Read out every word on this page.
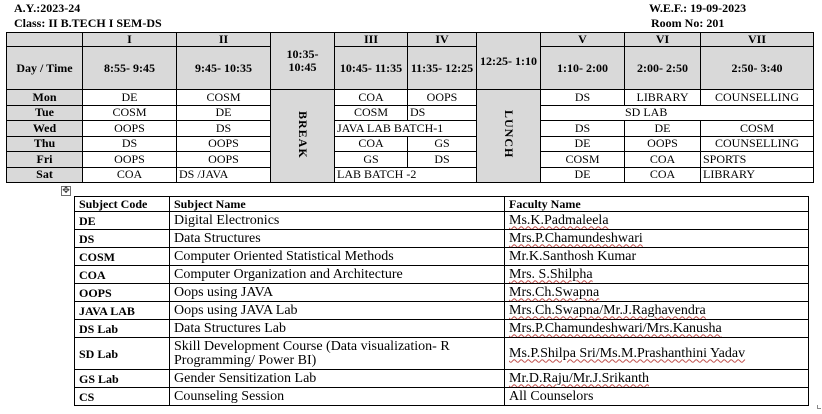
A.Y.:2023-24
Class: II B.TECH I SEM-DS
W.E.F.: 19-09-2023
Room No: 201
	I	II	10:35- 10:45	III	IV	12:25- 1:10	V	VI	VII
Day / Time	8:55- 9:45	9:45- 10:35		10:45- 11:35	11:35- 12:25		1:10- 2:00	2:00- 2:50	2:50- 3:40
Mon	DE	COSM	BREAK	COA	OOPS	LUNCH	DS	LIBRARY	COUNSELLING
Tue	COSM	DE		COSM	DS		SD LAB		
Wed	OOPS	DS		JAVA LAB BATCH-1			DS	DE	COSM
Thu	DS	OOPS		COA	GS		DE	OOPS	COUNSELLING
Fri	OOPS	OOPS		GS	DS		COSM	COA	SPORTS
Sat	COA	DS /JAVA		LAB BATCH -2			DE	COA	LIBRARY
✥
Subject Code	Subject Name	Faculty Name
DE	Digital Electronics	Ms.K.Padmaleela
DS	Data Structures	Mrs.P.Chamundeshwari
COSM	Computer Oriented Statistical Methods	Mr.K.Santhosh Kumar
COA	Computer Organization and Architecture	Mrs. S.Shilpha
OOPS	Oops using JAVA	Mrs.Ch.Swapna
JAVA LAB	Oops using JAVA Lab	Mrs.Ch.Swapna/Mr.J.Raghavendra
DS Lab	Data Structures Lab	Mrs.P.Chamundeshwari/Mrs.Kanusha
SD Lab	Skill Development Course (Data visualization- R Programming/ Power BI)	Ms.P.Shilpa Sri/Ms.M.Prashanthini Yadav
GS Lab	Gender Sensitization Lab	Mr.D.Raju/Mr.J.Srikanth
CS	Counseling Session	All Counselors
